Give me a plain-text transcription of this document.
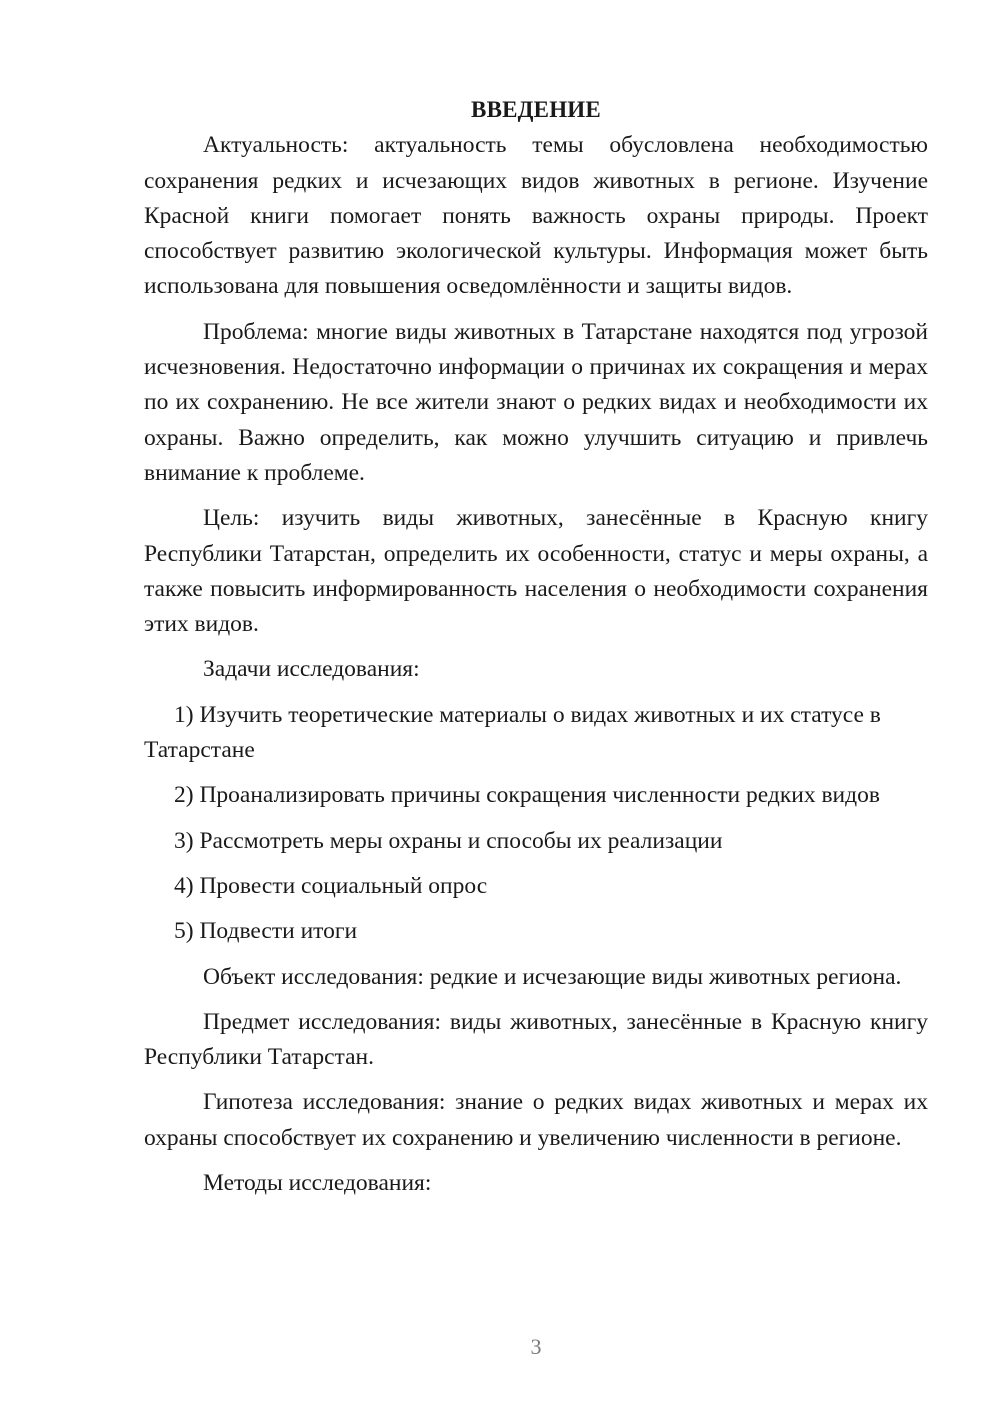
ВВЕДЕНИЕ

Актуальность: актуальность темы обусловлена необходимостью сохранения редких и исчезающих видов животных в регионе. Изучение Красной книги помогает понять важность охраны природы. Проект способствует развитию экологической культуры. Информация может быть использована для повышения осведомлённости и защиты видов.

Проблема: многие виды животных в Татарстане находятся под угрозой исчезновения. Недостаточно информации о причинах их сокращения и мерах по их сохранению. Не все жители знают о редких видах и необходимости их охраны. Важно определить, как можно улучшить ситуацию и привлечь внимание к проблеме.

Цель: изучить виды животных, занесённые в Красную книгу Республики Татарстан, определить их особенности, статус и меры охраны, а также повысить информированность населения о необходимости сохранения этих видов.

Задачи исследования:

1) Изучить теоретические материалы о видах животных и их статусе в Татарстане

2) Проанализировать причины сокращения численности редких видов

3) Рассмотреть меры охраны и способы их реализации

4) Провести социальный опрос

5) Подвести итоги

Объект исследования: редкие и исчезающие виды животных региона.

Предмет исследования: виды животных, занесённые в Красную книгу Республики Татарстан.

Гипотеза исследования: знание о редких видах животных и мерах их охраны способствует их сохранению и увеличению численности в регионе.

Методы исследования:

3
